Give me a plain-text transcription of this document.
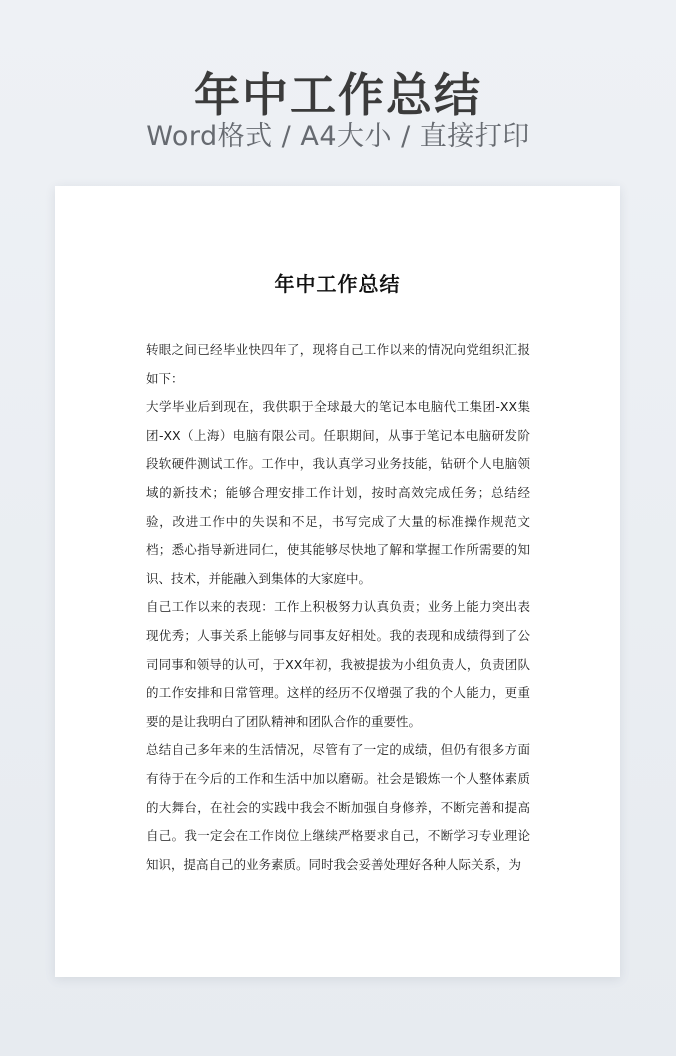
年中工作总结
Word格式 / A4大小 / 直接打印
年中工作总结

转眼之间已经毕业快四年了，现将自己工作以来的情况向党组织汇报如下：

大学毕业后到现在，我供职于全球最大的笔记本电脑代工集团-XX集团-XX（上海）电脑有限公司。任职期间，从事于笔记本电脑研发阶段软硬件测试工作。工作中，我认真学习业务技能，钻研个人电脑领域的新技术；能够合理安排工作计划，按时高效完成任务；总结经验，改进工作中的失误和不足，书写完成了大量的标准操作规范文档；悉心指导新进同仁，使其能够尽快地了解和掌握工作所需要的知识、技术，并能融入到集体的大家庭中。

自己工作以来的表现：工作上积极努力认真负责；业务上能力突出表现优秀；人事关系上能够与同事友好相处。我的表现和成绩得到了公司同事和领导的认可，于XX年初，我被提拔为小组负责人，负责团队的工作安排和日常管理。这样的经历不仅增强了我的个人能力，更重要的是让我明白了团队精神和团队合作的重要性。

总结自己多年来的生活情况，尽管有了一定的成绩，但仍有很多方面有待于在今后的工作和生活中加以磨砺。社会是锻炼一个人整体素质的大舞台，在社会的实践中我会不断加强自身修养，不断完善和提高自己。我一定会在工作岗位上继续严格要求自己，不断学习专业理论知识，提高自己的业务素质。同时我会妥善处理好各种人际关系，为
